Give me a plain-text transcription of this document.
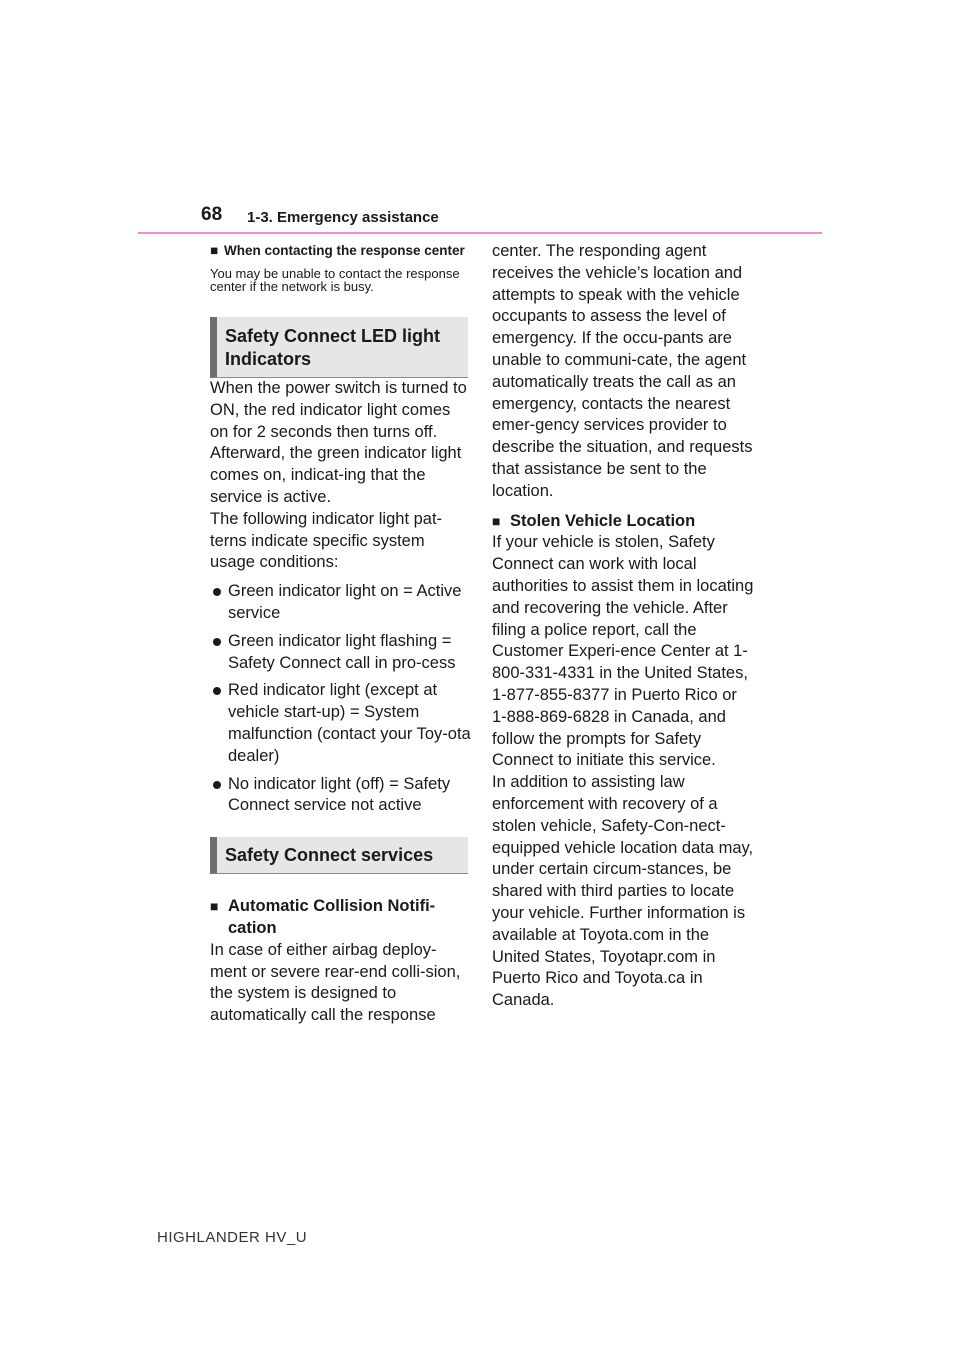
68 1-3. Emergency assistance
■ When contacting the response center

You may be unable to contact the response center if the network is busy.

Safety Connect LED light Indicators

When the power switch is turned to ON, the red indicator light comes on for 2 seconds then turns off. Afterward, the green indicator light comes on, indicat-ing that the service is active.

The following indicator light pat-terns indicate specific system usage conditions:

Green indicator light on = Active service
Green indicator light flashing = Safety Connect call in pro-cess
Red indicator light (except at vehicle start-up) = System malfunction (contact your Toy-ota dealer)
No indicator light (off) = Safety Connect service not active
Safety Connect services
■ Automatic Collision Notifi-cation

In case of either airbag deploy-ment or severe rear-end colli-sion, the system is designed to automatically call the response

center. The responding agent receives the vehicle’s location and attempts to speak with the vehicle occupants to assess the level of emergency. If the occu-pants are unable to communi-cate, the agent automatically treats the call as an emergency, contacts the nearest emer-gency services provider to describe the situation, and requests that assistance be sent to the location.

■ Stolen Vehicle Location

If your vehicle is stolen, Safety Connect can work with local authorities to assist them in locating and recovering the vehicle. After filing a police report, call the Customer Experi-ence Center at 1-800-331-4331 in the United States, 1-877-855-8377 in Puerto Rico or 1-888-869-6828 in Canada, and follow the prompts for Safety Connect to initiate this service.

In addition to assisting law enforcement with recovery of a stolen vehicle, Safety-Con-nect-equipped vehicle location data may, under certain circum-stances, be shared with third parties to locate your vehicle. Further information is available at Toyota.com in the United States, Toyotapr.com in Puerto Rico and Toyota.ca in Canada.

HIGHLANDER HV_U
